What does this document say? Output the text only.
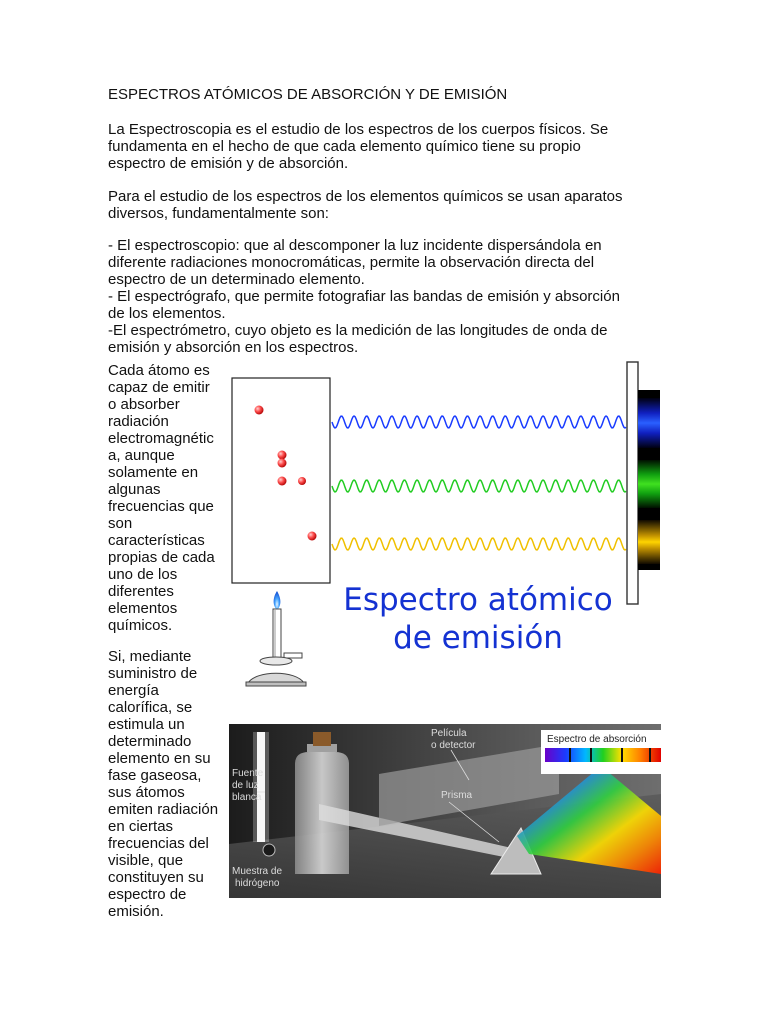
ESPECTROS ATÓMICOS DE ABSORCIÓN Y DE EMISIÓN

La Espectroscopia es el estudio de los espectros de los cuerpos físicos. Se
fundamenta en el hecho de que cada elemento químico tiene su propio
espectro de emisión y de absorción.
Para el estudio de los espectros de los elementos químicos se usan aparatos
diversos, fundamentalmente son:
- El espectroscopio: que al descomponer la luz incidente dispersándola en
diferente radiaciones monocromáticas, permite la observación directa del
espectro de un determinado elemento.
- El espectrógrafo, que permite fotografiar las bandas de emisión y absorción
de los elementos.
-El espectrómetro, cuyo objeto es la medición de las longitudes de onda de
emisión y absorción en los espectros.
Cada átomo es
capaz de emitir
o absorber
radiación
electromagnétic
a, aunque
solamente en
algunas
frecuencias que
son
características
propias de cada
uno de los
diferentes
elementos
químicos.
Si, mediante
suministro de
energía
calorífica, se
estimula un
determinado
elemento en su
fase gaseosa,
sus átomos
emiten radiación
en ciertas
frecuencias del
visible, que
constituyen su
espectro de
emisión.
Espectro atómico
de emisión
Espectro de absorción
Película
o detector
Fuente
de luz
blanca	Prisma
Muestra de
hidrógeno
